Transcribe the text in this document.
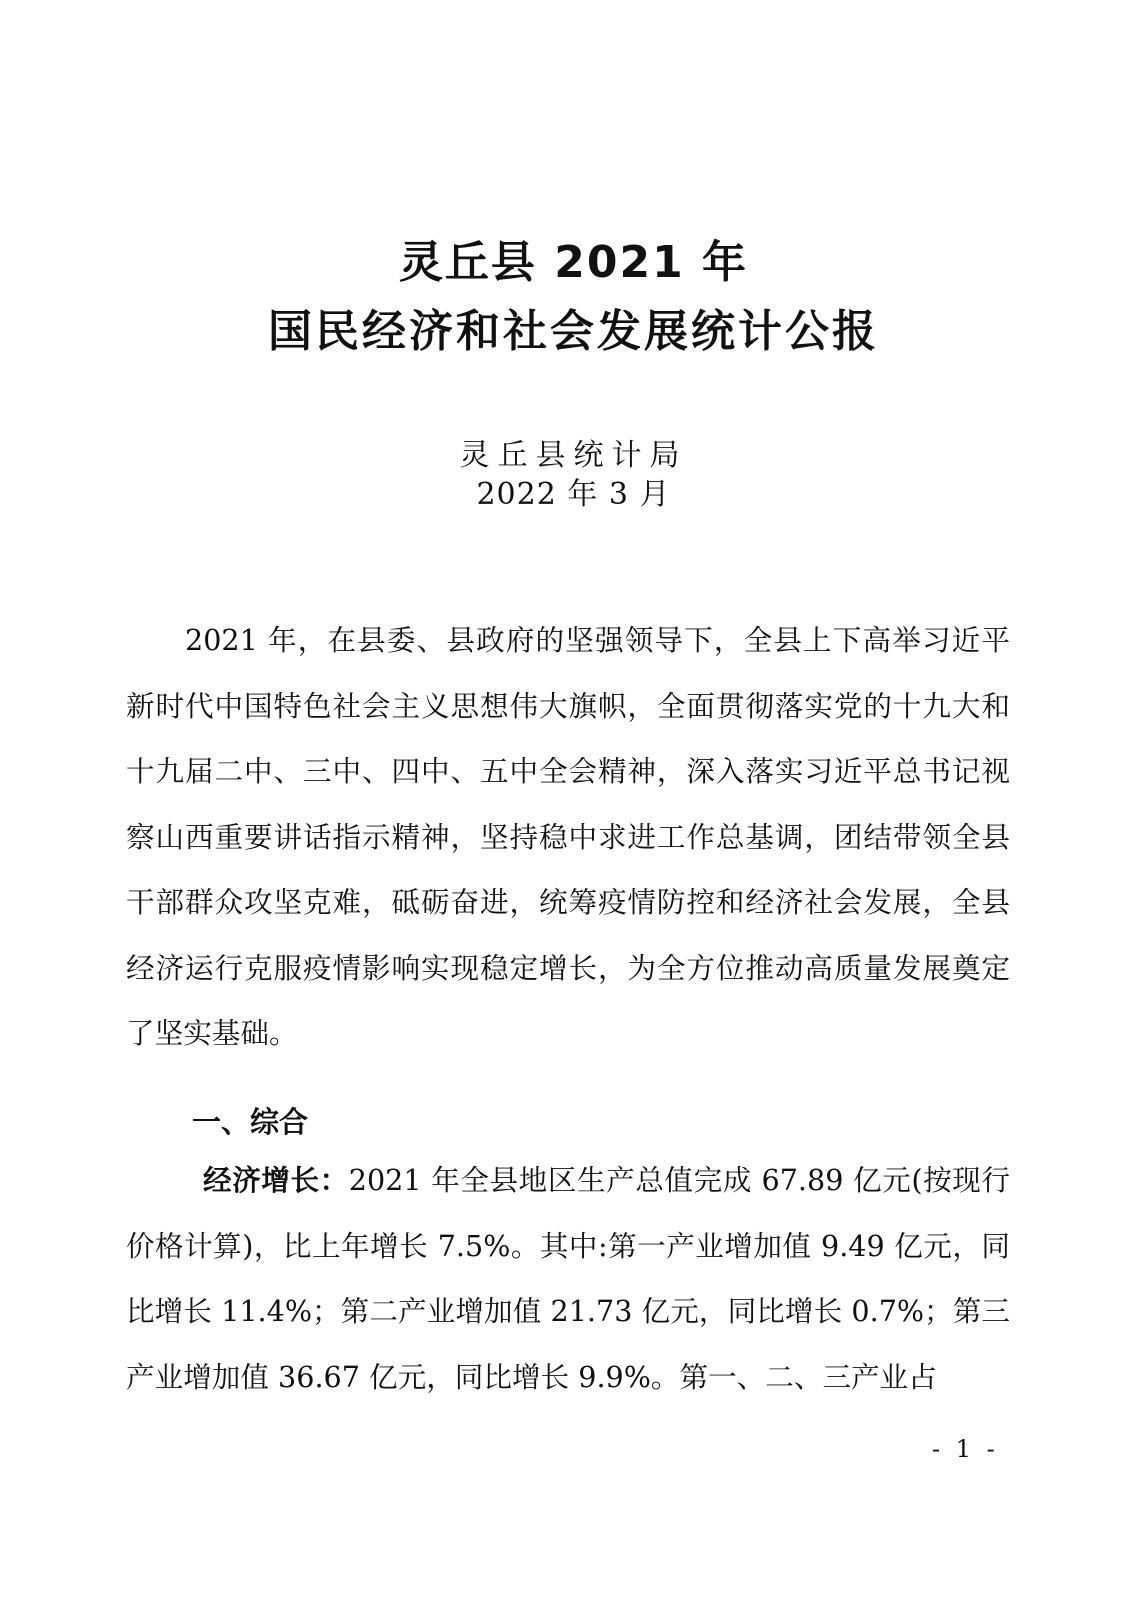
灵丘县 2021 年
国民经济和社会发展统计公报
灵丘县统计局
2022 年 3 月

2021 年，在县委、县政府的坚强领导下，全县上下高举习近平新时代中国特色社会主义思想伟大旗帜，全面贯彻落实党的十九大和十九届二中、三中、四中、五中全会精神，深入落实习近平总书记视察山西重要讲话指示精神，坚持稳中求进工作总基调，团结带领全县干部群众攻坚克难，砥砺奋进，统筹疫情防控和经济社会发展，全县经济运行克服疫情影响实现稳定增长，为全方位推动高质量发展奠定了坚实基础。

一、综合

经济增长：2021 年全县地区生产总值完成 67.89 亿元(按现行价格计算)，比上年增长 7.5%。其中:第一产业增加值 9.49 亿元，同比增长 11.4%；第二产业增加值 21.73 亿元，同比增长 0.7%；第三产业增加值 36.67 亿元，同比增长 9.9%。第一、二、三产业占

- 1 -
